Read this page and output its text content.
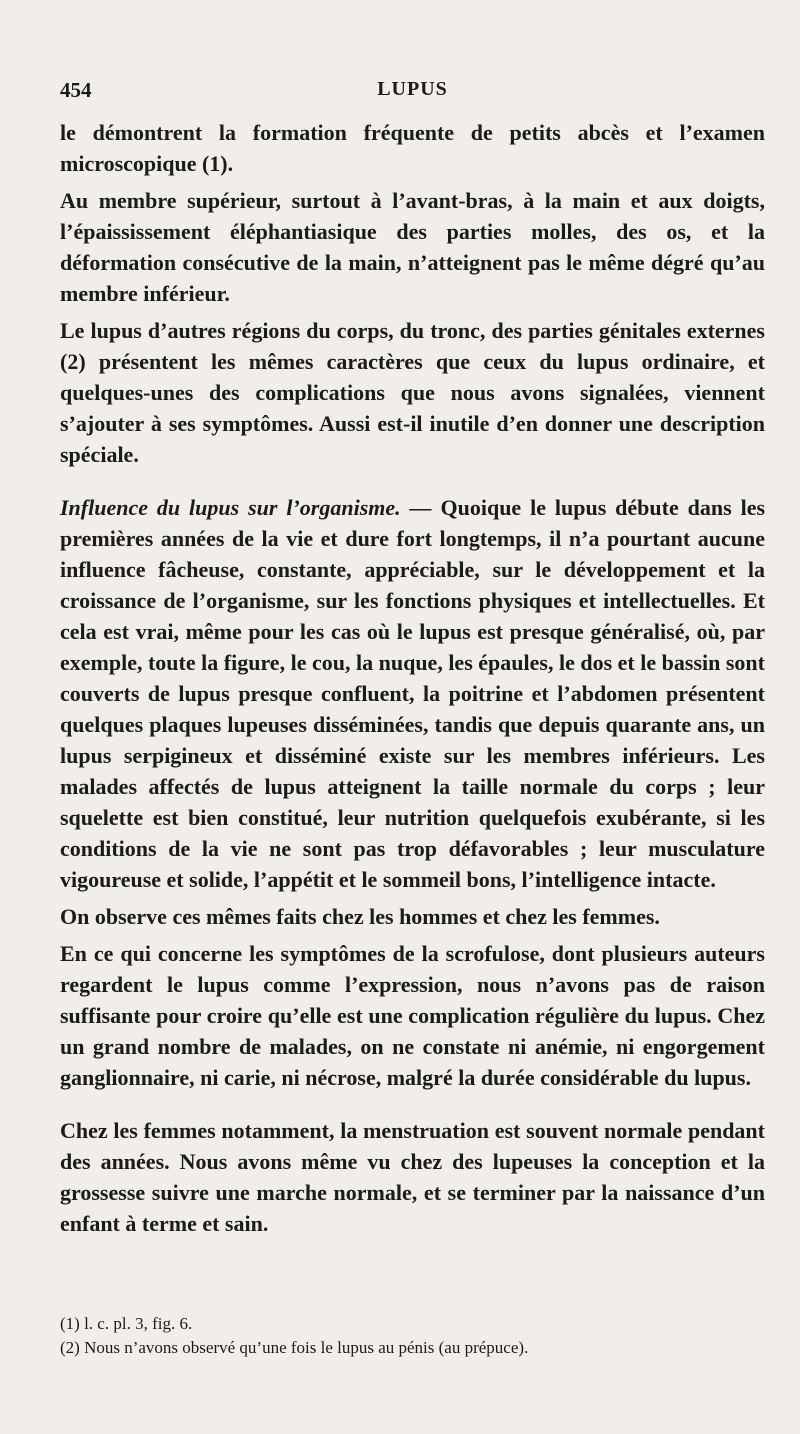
454	LUPUS

le démontrent la formation fréquente de petits abcès et l’examen microscopique (1).

Au membre supérieur, surtout à l’avant-bras, à la main et aux doigts, l’épaississement éléphantiasique des parties molles, des os, et la déformation consécutive de la main, n’atteignent pas le même dégré qu’au membre inférieur.

Le lupus d’autres régions du corps, du tronc, des parties génitales externes (2) présentent les mêmes caractères que ceux du lupus ordinaire, et quelques-unes des complications que nous avons signalées, viennent s’ajouter à ses symptômes. Aussi est-il inutile d’en donner une description spéciale.

Influence du lupus sur l’organisme. — Quoique le lupus débute dans les premières années de la vie et dure fort longtemps, il n’a pourtant aucune influence fâcheuse, constante, appréciable, sur le développement et la croissance de l’organisme, sur les fonctions physiques et intellectuelles. Et cela est vrai, même pour les cas où le lupus est presque généralisé, où, par exemple, toute la figure, le cou, la nuque, les épaules, le dos et le bassin sont couverts de lupus presque confluent, la poitrine et l’abdomen présentent quelques plaques lupeuses disséminées, tandis que depuis quarante ans, un lupus serpigineux et disséminé existe sur les membres inférieurs. Les malades affectés de lupus atteignent la taille normale du corps ; leur squelette est bien constitué, leur nutrition quelquefois exubérante, si les conditions de la vie ne sont pas trop défavorables ; leur musculature vigoureuse et solide, l’appétit et le sommeil bons, l’intelligence intacte.

On observe ces mêmes faits chez les hommes et chez les femmes.

En ce qui concerne les symptômes de la scrofulose, dont plusieurs auteurs regardent le lupus comme l’expression, nous n’avons pas de raison suffisante pour croire qu’elle est une complication régulière du lupus. Chez un grand nombre de malades, on ne constate ni anémie, ni engorgement ganglionnaire, ni carie, ni nécrose, malgré la durée considérable du lupus.

Chez les femmes notamment, la menstruation est souvent normale pendant des années. Nous avons même vu chez des lupeuses la conception et la grossesse suivre une marche normale, et se terminer par la naissance d’un enfant à terme et sain.

(1) l. c. pl. 3, fig. 6.

(2) Nous n’avons observé qu’une fois le lupus au pénis (au prépuce).
